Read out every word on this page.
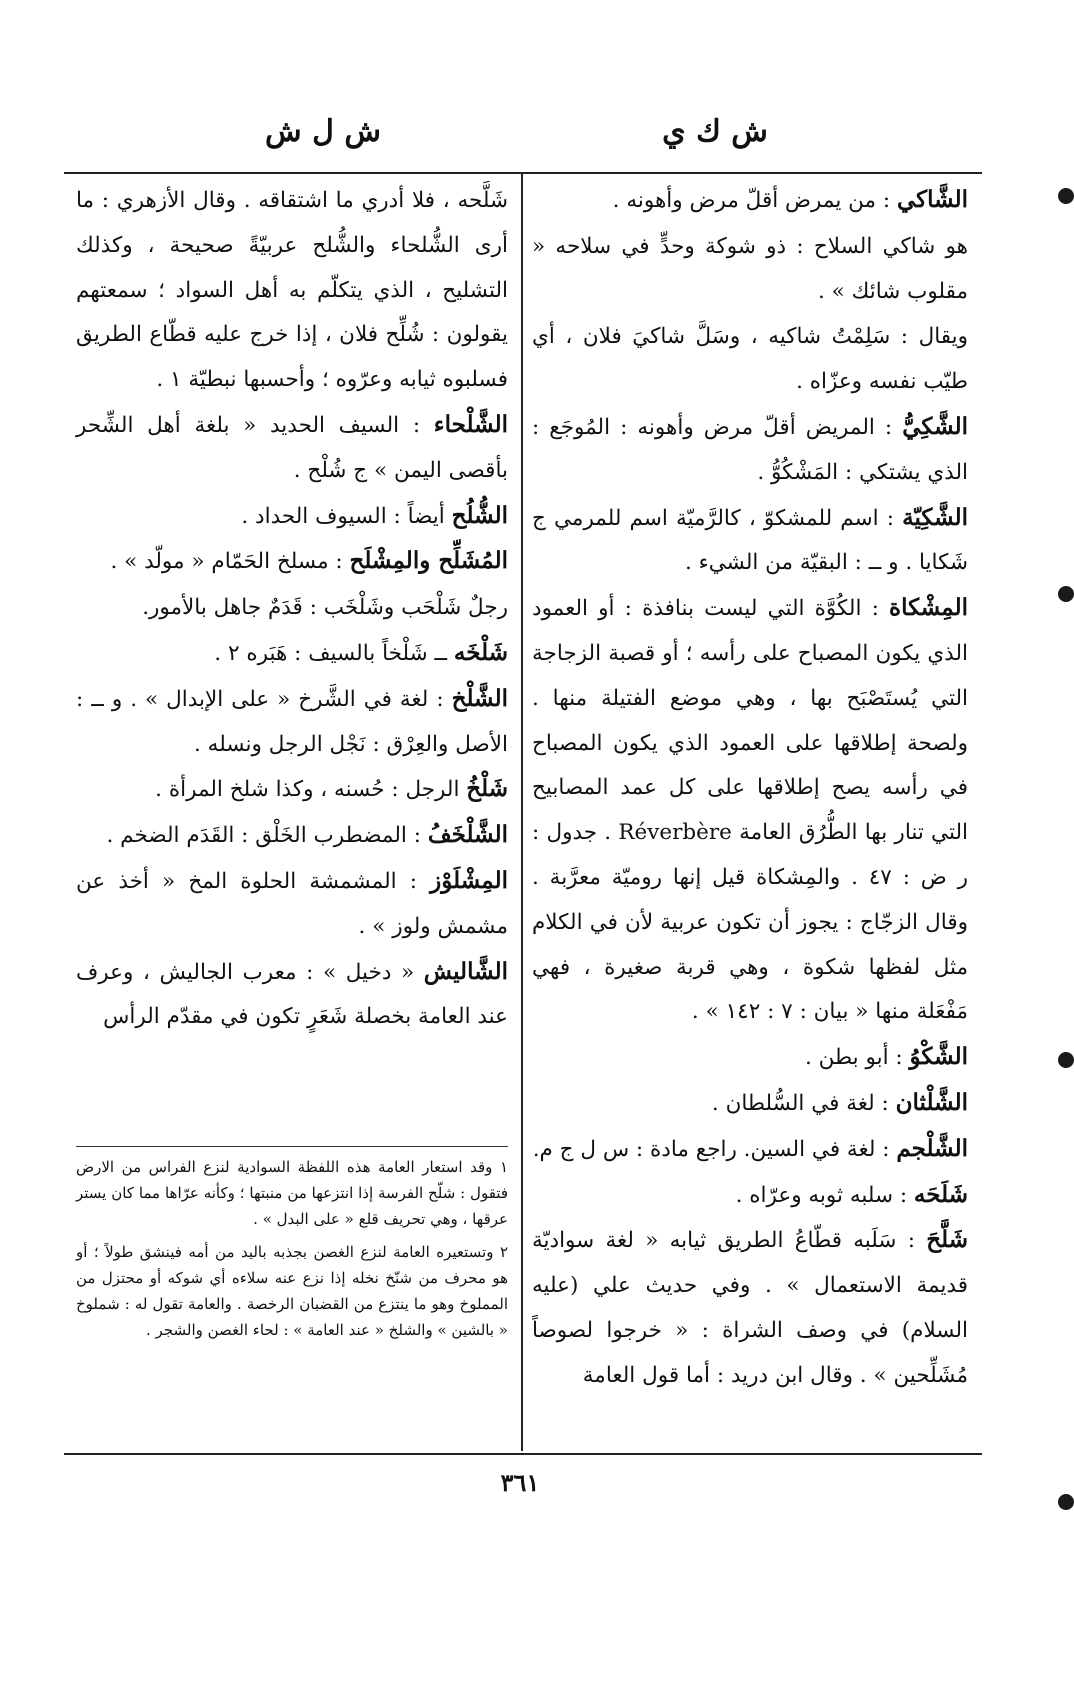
ش ك ي
ش ل ش

الشَّاكي : من يمرض أقلّ مرض وأهونه .

هو شاكي السلاح : ذو شوكة وحدٍّ في سلاحه « مقلوب شائك » .

ويقال : سَلِمْتُ شاكيه ، وسَلَّ شاكيَ فلان ، أي طيّب نفسه وعزّاه .

الشَّكِيُّ : المريض أقلّ مرض وأهونه : المُوجَع : الذي يشتكي : المَشْكُوُّ .

الشَّكِيّة : اسم للمشكوّ ، كالرَّميّة اسم للمرمي ج شَكايا . و ــ : البقيّة من الشيء .

المِشْكاة : الكُوَّة التي ليست بنافذة : أو العمود الذي يكون المصباح على رأسه ؛ أو قصبة الزجاجة التي يُستَصْبَح بها ، وهي موضع الفتيلة منها . ولصحة إطلاقها على العمود الذي يكون المصباح في رأسه يصح إطلاقها على كل عمد المصابيح التي تنار بها الطُّرُق العامة Réverbère . جدول : ر ض : ٤٧ . والمِشكاة قيل إنها روميّة معرَّبة . وقال الزجّاج : يجوز أن تكون عربية لأن في الكلام مثل لفظها شكوة ، وهي قربة صغيرة ، فهي مَفْعَلة منها « بيان : ٧ : ١٤٢ » .

الشَّكْوُ : أبو بطن .

الشَّلْثان : لغة في السُّلطان .

الشَّلْجم : لغة في السين. راجع مادة : س ل ج م.

شَلَحَه : سلبه ثوبه وعرّاه .

شَلَّحَ : سَلَبه قطّاعُ الطريق ثيابه « لغة سواديّة قديمة الاستعمال » . وفي حديث علي (عليه السلام) في وصف الشراة : « خرجوا لصوصاً مُشَلِّحين » . وقال ابن دريد : أما قول العامة

شَلَّحه ، فلا أدري ما اشتقاقه . وقال الأزهري : ما أرى الشُّلحاء والشُّلح عربيّةً صحيحة ، وكذلك التشليح ، الذي يتكلّم به أهل السواد ؛ سمعتهم يقولون : شُلِّح فلان ، إذا خرج عليه قطّاع الطريق فسلبوه ثيابه وعرّوه ؛ وأحسبها نبطيّة ١ .

الشَّلْحاء : السيف الحديد « بلغة أهل الشِّحر بأقصى اليمن » ج شُلْح .

الشُّلُح أيضاً : السيوف الحداد .

المُشَلِّح والمِشْلَح : مسلخ الحَمّام « مولّد » .

رجلٌ شَلْحَب وشَلْخَب : قَدَمٌ جاهل بالأمور.

شَلْخَه ــ شَلْخاً بالسيف : هَبَره ٢ .

الشَّلْخ : لغة في الشَّرخ « على الإبدال » . و ــ : الأصل والعِرْق : نَجْل الرجل ونسله .

شَلْخُ الرجل : حُسنه ، وكذا شلخ المرأة .

الشَّلْخَفُ : المضطرب الخَلْق : القَدَم الضخم .

المِشْلَوْز : المشمشة الحلوة المخ « أخذ عن مشمش ولوز » .

الشَّاليش « دخيل » : معرب الجاليش ، وعرف عند العامة بخصلة شَعَرٍ تكون في مقدّم الرأس

١ وقد استعار العامة هذه اللفظة السوادية لنزع الفراس من الارض فتقول : شلّح الفرسة إذا انتزعها من منبتها ؛ وكأنه عرّاها مما كان يستر عرقها ، وهي تحريف قلع « على البدل » .

٢ وتستعيره العامة لنزع الغصن بجذبه باليد من أمه فينشق طولاً ؛ أو هو محرف من شنّخ نخله إذا نزع عنه سلاءه أي شوكه أو محتزل من المملوخ وهو ما ينتزع من القضبان الرخصة . والعامة تقول له : شملوخ « بالشين » والشلخ « عند العامة » : لحاء الغصن والشجر .

٣٦١
